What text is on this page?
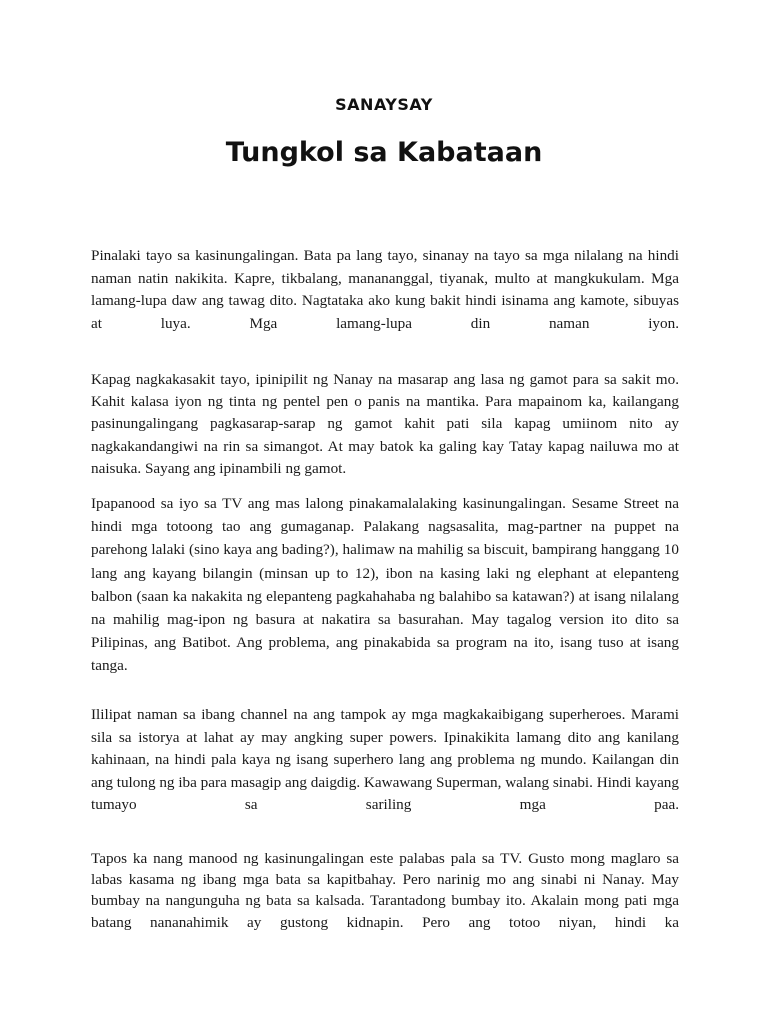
SANAYSAY
Tungkol sa Kabataan

Pinalaki tayo sa kasinungalingan. Bata pa lang tayo, sinanay na tayo sa mga nilalang na hindi naman natin nakikita. Kapre, tikbalang, manananggal, tiyanak, multo at mangkukulam. Mga lamang-lupa daw ang tawag dito. Nagtataka ako kung bakit hindi isinama ang kamote, sibuyas at luya. Mga lamang-lupa din naman iyon.

Kapag nagkakasakit tayo, ipinipilit ng Nanay na masarap ang lasa ng gamot para sa sakit mo. Kahit kalasa iyon ng tinta ng pentel pen o panis na mantika. Para mapainom ka, kailangang pasinungalingang pagkasarap-sarap ng gamot kahit pati sila kapag umiinom nito ay nagkakandangiwi na rin sa simangot. At may batok ka galing kay Tatay kapag nailuwa mo at naisuka. Sayang ang ipinambili ng gamot.

Ipapanood sa iyo sa TV ang mas lalong pinakamalalaking kasinungalingan. Sesame Street na hindi mga totoong tao ang gumaganap. Palakang nagsasalita, mag-partner na puppet na parehong lalaki (sino kaya ang bading?), halimaw na mahilig sa biscuit, bampirang hanggang 10 lang ang kayang bilangin (minsan up to 12), ibon na kasing laki ng elephant at elepanteng balbon (saan ka nakakita ng elepanteng pagkahahaba ng balahibo sa katawan?) at isang nilalang na mahilig mag-ipon ng basura at nakatira sa basurahan. May tagalog version ito dito sa Pilipinas, ang Batibot. Ang problema, ang pinakabida sa program na ito, isang tuso at isang tanga.

Ililipat naman sa ibang channel na ang tampok ay mga magkakaibigang superheroes. Marami sila sa istorya at lahat ay may angking super powers. Ipinakikita lamang dito ang kanilang kahinaan, na hindi pala kaya ng isang superhero lang ang problema ng mundo. Kailangan din ang tulong ng iba para masagip ang daigdig. Kawawang Superman, walang sinabi. Hindi kayang tumayo sa sariling mga paa.

Tapos ka nang manood ng kasinungalingan este palabas pala sa TV. Gusto mong maglaro sa labas kasama ng ibang mga bata sa kapitbahay. Pero narinig mo ang sinabi ni Nanay. May bumbay na nangunguha ng bata sa kalsada. Tarantadong bumbay ito. Akalain mong pati mga batang nananahimik ay gustong kidnapin. Pero ang totoo niyan, hindi ka
